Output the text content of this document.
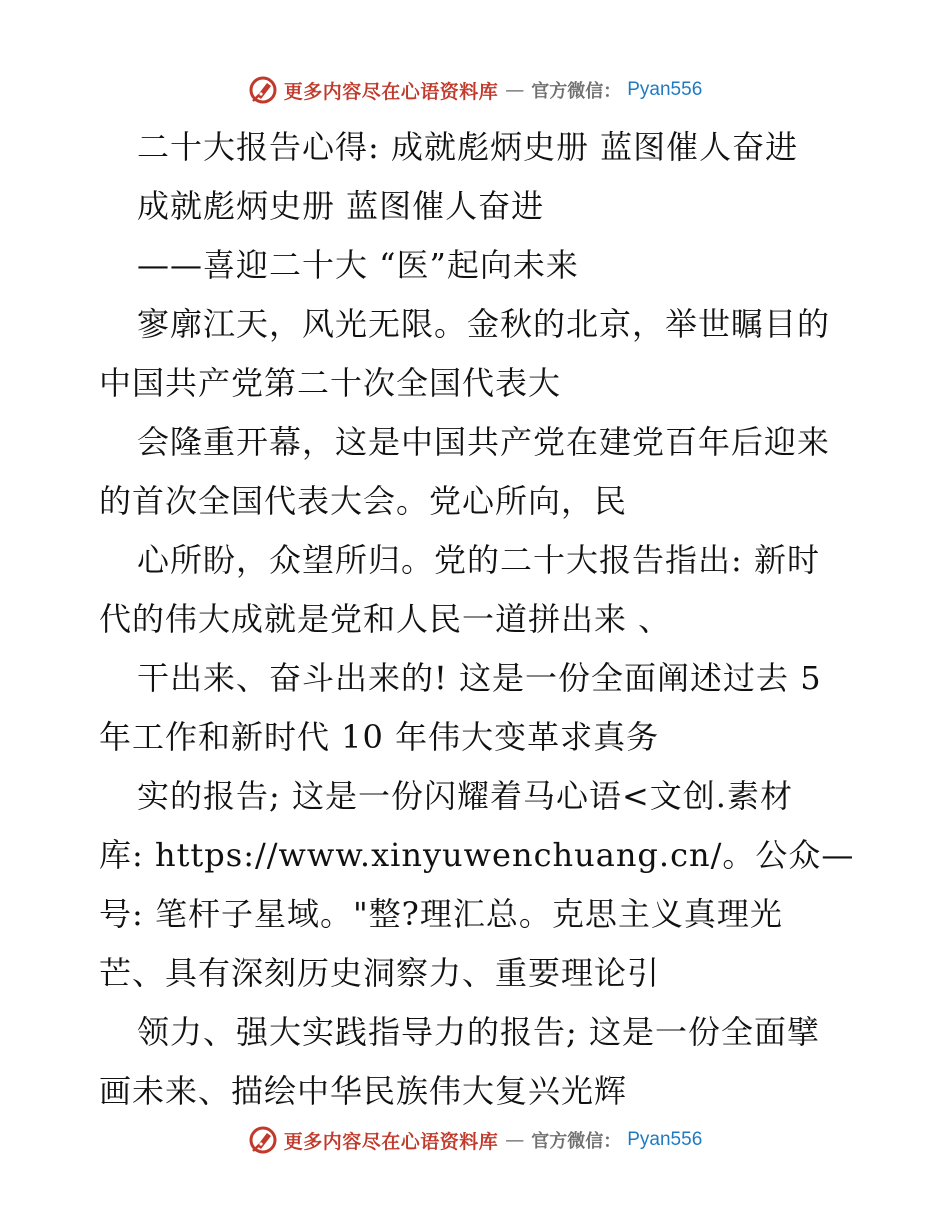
更多内容尽在心语资料库 — 官方微信： Pyan556
二十大报告心得: 成就彪炳史册 蓝图催人奋进
成就彪炳史册 蓝图催人奋进
——喜迎二十大 “医”起向未来
寥廓江天，风光无限。金秋的北京，举世瞩目的
中国共产党第二十次全国代表大
会隆重开幕，这是中国共产党在建党百年后迎来
的首次全国代表大会。党心所向，民
心所盼，众望所归。党的二十大报告指出: 新时
代的伟大成就是党和人民一道拼出来 、
干出来、奋斗出来的! 这是一份全面阐述过去 5
年工作和新时代 10 年伟大变革求真务
实的报告; 这是一份闪耀着马心语<文创.素材
库: https://www.xinyuwenchuang.cn/。公众—
号: 笔杆子星域。"整?理汇总。克思主义真理光
芒、具有深刻历史洞察力、重要理论引
领力、强大实践指导力的报告; 这是一份全面擘
画未来、描绘中华民族伟大复兴光辉
更多内容尽在心语资料库 — 官方微信： Pyan556
